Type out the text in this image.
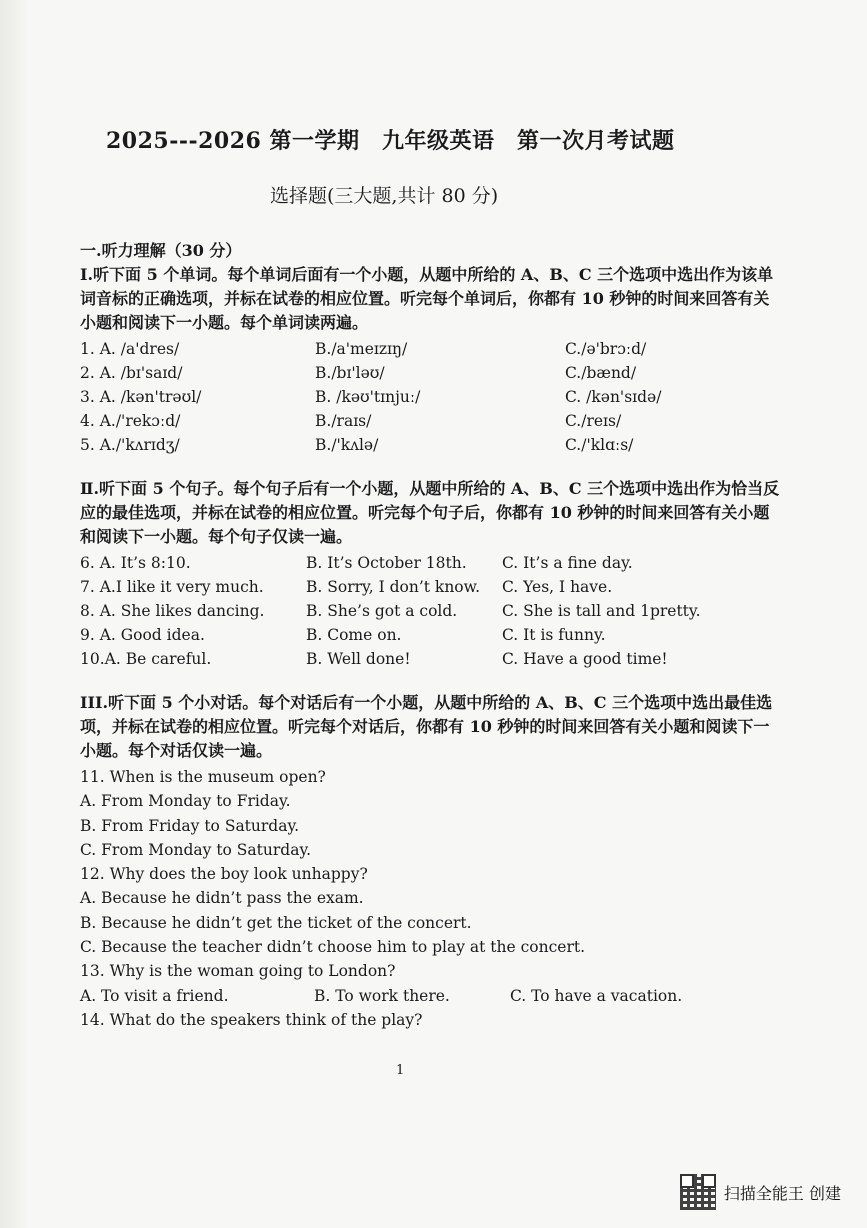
2025---2026 第一学期　九年级英语　第一次月考试题
选择题(三大题,共计 80 分)
一.听力理解（30 分）
Ⅰ.听下面 5 个单词。每个单词后面有一个小题，从题中所给的 A、B、C 三个选项中选出作为该单词音标的正确选项，并标在试卷的相应位置。听完每个单词后，你都有 10 秒钟的时间来回答有关小题和阅读下一小题。每个单词读两遍。
1. A. /a'dres/	B./a'meɪzɪŋ/	C./ə'brɔːd/
2. A. /bɪ'saɪd/	B./bɪ'ləʊ/	C./bænd/
3. A. /kən'trəʊl/	B. /kəʊ'tɪnjuː/	C. /kən'sɪdə/
4. A./'rekɔːd/	B./raɪs/	C./reɪs/
5. A./'kʌrɪdʒ/	B./'kʌlə/	C./'klɑːs/
Ⅱ.听下面 5 个句子。每个句子后有一个小题，从题中所给的 A、B、C 三个选项中选出作为恰当反应的最佳选项，并标在试卷的相应位置。听完每个句子后，你都有 10 秒钟的时间来回答有关小题和阅读下一小题。每个句子仅读一遍。
6. A. It’s 8:10.	B. It’s October 18th.	C. It’s a fine day.
7. A.I like it very much.	B. Sorry, I don’t know.	C. Yes, I have.
8. A. She likes dancing.	B. She’s got a cold.	C. She is tall and 1pretty.
9. A. Good idea.	B. Come on.	C. It is funny.
10.A. Be careful.	B. Well done!	C. Have a good time!
III.听下面 5 个小对话。每个对话后有一个小题，从题中所给的 A、B、C 三个选项中选出最佳选项，并标在试卷的相应位置。听完每个对话后，你都有 10 秒钟的时间来回答有关小题和阅读下一小题。每个对话仅读一遍。
11. When is the museum open?
A. From Monday to Friday.
B. From Friday to Saturday.
C. From Monday to Saturday.
12. Why does the boy look unhappy?
A. Because he didn’t pass the exam.
B. Because he didn’t get the ticket of the concert.
C. Because the teacher didn’t choose him to play at the concert.
13. Why is the woman going to London?
A. To visit a friend.	B. To work there.	C. To have a vacation.
14. What do the speakers think of the play?
1
扫描全能王 创建
